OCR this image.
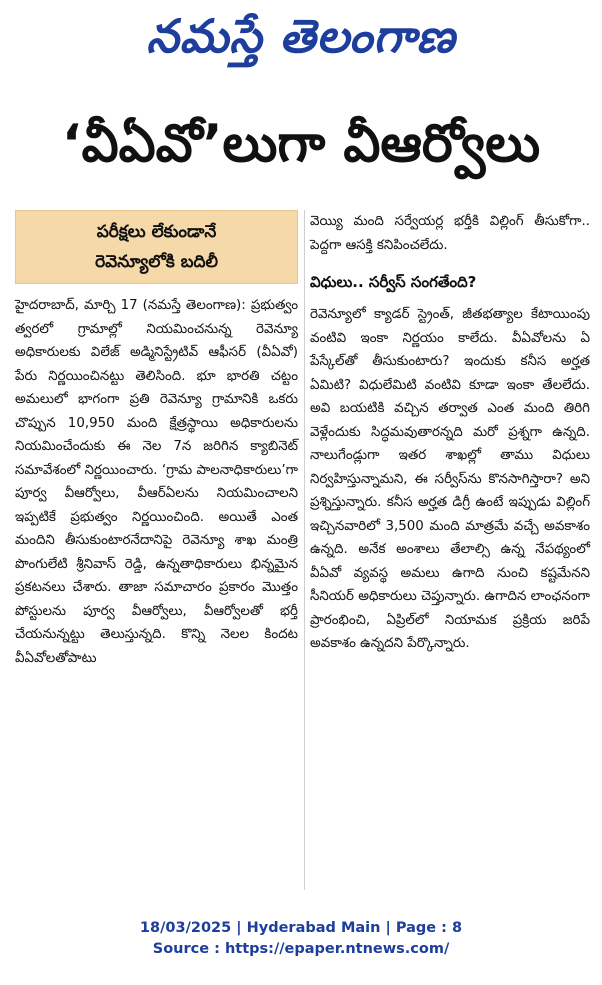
నమస్తే తెలంగాణ
‘వీఏవో’లుగా వీఆర్వోలు
పరీక్షలు లేకుండానే
రెవెన్యూలోకి బదిలీ

హైదరాబాద్‌, మార్చి 17 (నమస్తే తెలంగాణ): ప్రభుత్వం త్వరలో గ్రామాల్లో నియమించనున్న రెవెన్యూ అధికారులకు విలేజ్‌ అడ్మినిస్ట్రేటివ్‌ ఆఫీసర్‌ (వీఏవో) పేరు నిర్ణయించినట్టు తెలిసింది. భూ భారతి చట్టం అమలులో భాగంగా ప్రతి రెవెన్యూ గ్రామానికి ఒకరు చొప్పున 10,950 మంది క్షేత్రస్థాయి అధికారులను నియమించేందుకు ఈ నెల 7న జరిగిన క్యాబినెట్‌ సమావేశంలో నిర్ణయించారు. ‘గ్రామ పాలనాధికారులు’గా పూర్వ వీఆర్వోలు, వీఆర్‌ఏలను నియమించాలని ఇప్పటికే ప్రభుత్వం నిర్ణయించింది. అయితే ఎంత మందిని తీసుకుంటారనేదానిపై రెవెన్యూ శాఖ మంత్రి పొంగులేటి శ్రీనివాస్‌ రెడ్డి, ఉన్నతాధికారులు భిన్నమైన ప్రకటనలు చేశారు. తాజా సమాచారం ప్రకారం మొత్తం పోస్టులను పూర్వ వీఆర్వోలు, వీఆర్వోలతో భర్తీ చేయనున్నట్టు తెలుస్తున్నది. కొన్ని నెలల కిందట వీఏవోలతోపాటు

వెయ్యి మంది సర్వేయర్ల భర్తీకి విల్లింగ్‌ తీసుకోగా.. పెద్దగా ఆసక్తి కనిపించలేదు.

విధులు.. సర్వీస్‌ సంగతేంది?

రెవెన్యూలో క్యాడర్‌ స్ట్రెంత్‌, జీతభత్యాల కేటాయింపు వంటివి ఇంకా నిర్ణయం కాలేదు. వీఏవోలను ఏ పేస్కేల్‌తో తీసుకుంటారు? ఇందుకు కనీస అర్హత ఏమిటి? విధులేమిటి వంటివి కూడా ఇంకా తేలలేదు. అవి బయటికి వచ్చిన తర్వాత ఎంత మంది తిరిగి వెళ్లేందుకు సిద్ధమవుతారన్నది మరో ప్రశ్నగా ఉన్నది. నాలుగేండ్లుగా ఇతర శాఖల్లో తాము విధులు నిర్వహిస్తున్నామని, ఈ సర్వీస్‌ను కొనసాగిస్తారా? అని ప్రశ్నిస్తున్నారు. కనీస అర్హత డిగ్రీ ఉంటే ఇప్పుడు విల్లింగ్‌ ఇచ్చినవారిలో 3,500 మంది మాత్రమే వచ్చే అవకాశం ఉన్నది. అనేక అంశాలు తేలాల్సి ఉన్న నేపథ్యంలో వీఏవో వ్యవస్థ అమలు ఉగాది నుంచి కష్టమేనని సీనియర్‌ అధికారులు చెప్తున్నారు. ఉగాదిన లాంఛనంగా ప్రారంభించి, ఏప్రిల్‌లో నియామక ప్రక్రియ జరిపే అవకాశం ఉన్నదని పేర్కొన్నారు.

18/03/2025 | Hyderabad Main | Page : 8
Source : https://epaper.ntnews.com/
